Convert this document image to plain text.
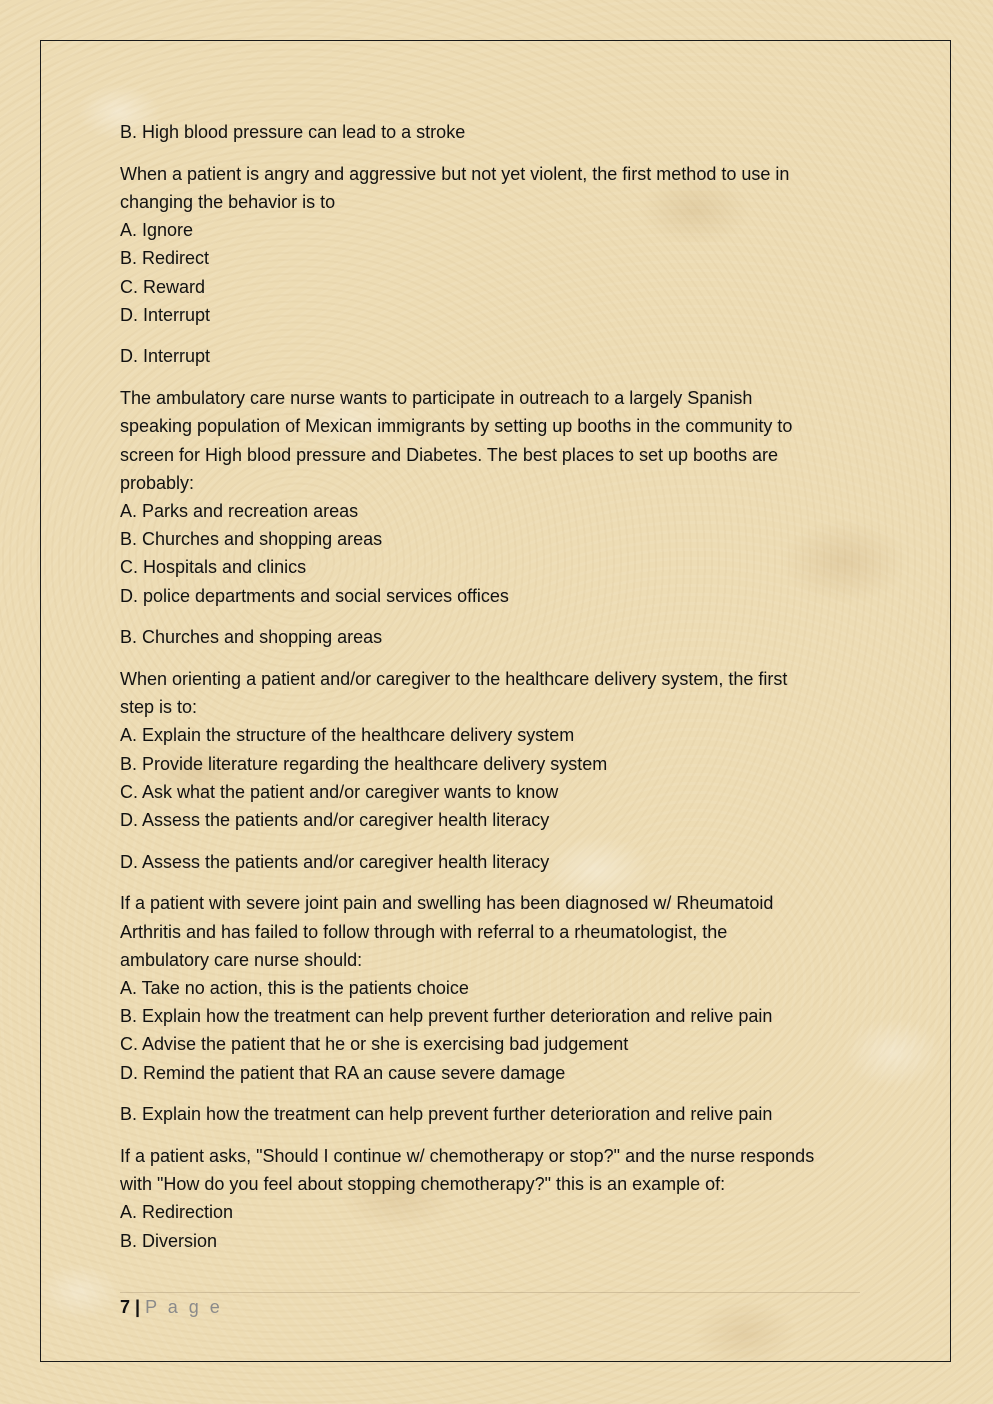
B. High blood pressure can lead to a stroke

When a patient is angry and aggressive but not yet violent, the first method to use in
changing the behavior is to
A. Ignore
B. Redirect
C. Reward
D. Interrupt

D. Interrupt

The ambulatory care nurse wants to participate in outreach to a largely Spanish
speaking population of Mexican immigrants by setting up booths in the community to
screen for High blood pressure and Diabetes. The best places to set up booths are
probably:
A. Parks and recreation areas
B. Churches and shopping areas
C. Hospitals and clinics
D. police departments and social services offices

B. Churches and shopping areas

When orienting a patient and/or caregiver to the healthcare delivery system, the first
step is to:
A. Explain the structure of the healthcare delivery system
B. Provide literature regarding the healthcare delivery system
C. Ask what the patient and/or caregiver wants to know
D. Assess the patients and/or caregiver health literacy

D. Assess the patients and/or caregiver health literacy

If a patient with severe joint pain and swelling has been diagnosed w/ Rheumatoid
Arthritis and has failed to follow through with referral to a rheumatologist, the
ambulatory care nurse should:
A. Take no action, this is the patients choice
B. Explain how the treatment can help prevent further deterioration and relive pain
C. Advise the patient that he or she is exercising bad judgement
D. Remind the patient that RA an cause severe damage

B. Explain how the treatment can help prevent further deterioration and relive pain

If a patient asks, "Should I continue w/ chemotherapy or stop?" and the nurse responds
with "How do you feel about stopping chemotherapy?" this is an example of:
A. Redirection
B. Diversion

7 | P a g e
